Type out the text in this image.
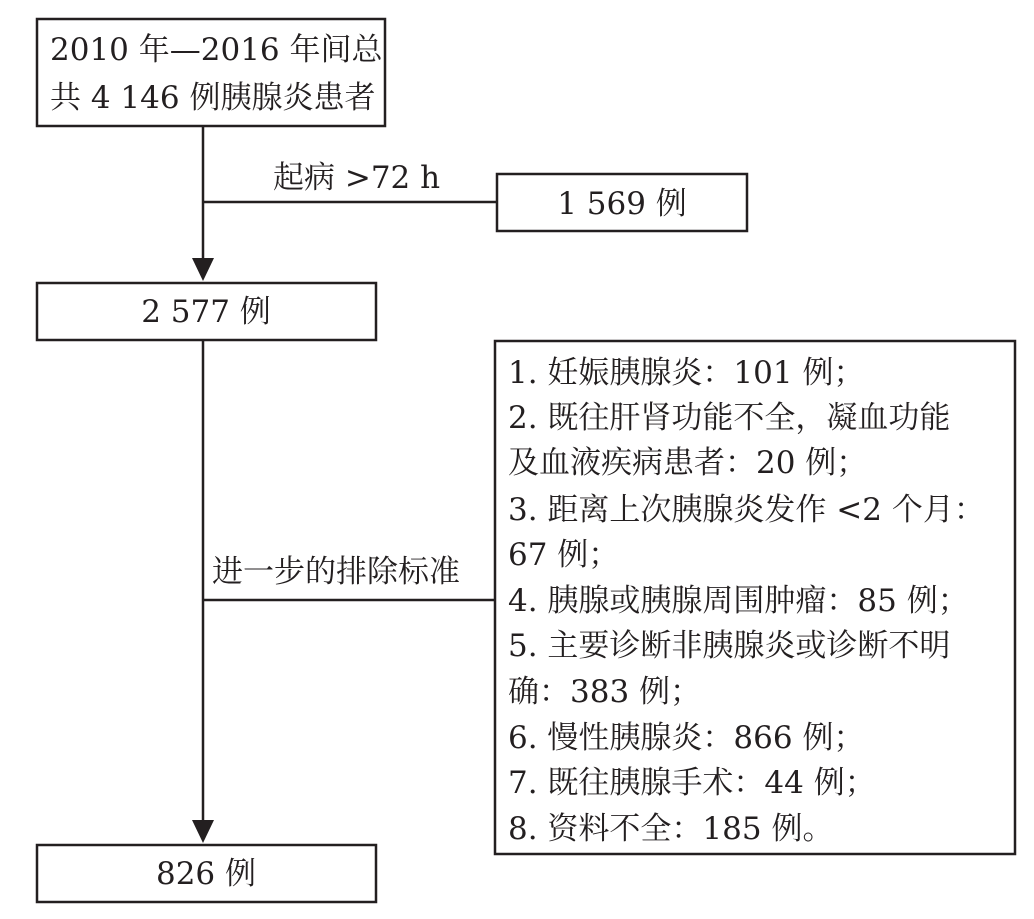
2010 年—2016 年间总
共 4 146 例胰腺炎患者
起病 >72 h
1 569 例
2 577 例
进一步的排除标准
1. 妊娠胰腺炎：101 例；
2. 既往肝肾功能不全，凝血功能
及血液疾病患者：20 例；
3. 距离上次胰腺炎发作 <2 个月：
67 例；
4. 胰腺或胰腺周围肿瘤：85 例；
5. 主要诊断非胰腺炎或诊断不明
确：383 例；
6. 慢性胰腺炎：866 例；
7. 既往胰腺手术：44 例；
8. 资料不全：185 例。
826 例
